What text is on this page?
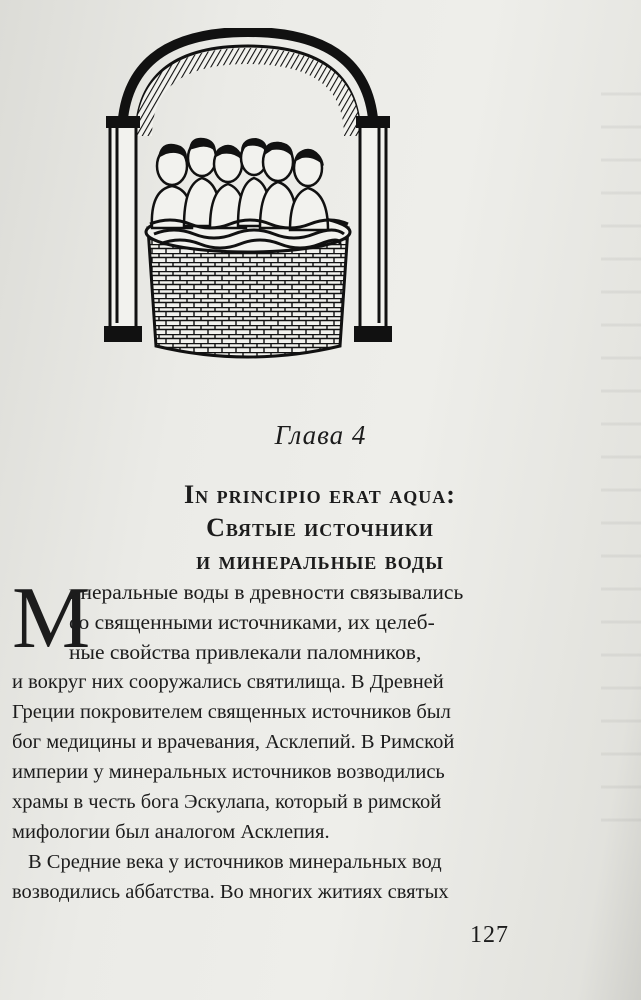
Глава 4
In principio erat aqua:
Святые источники
и минеральные воды
М
инеральные воды в древности связывались
со священными источниками, их целеб-
ные свойства привлекали паломников,
и вокруг них сооружались святилища. В Древней
Греции покровителем священных источников был
бог медицины и врачевания, Асклепий. В Римской
империи у минеральных источников возводились
храмы в честь бога Эскулапа, который в римской
мифологии был аналогом Асклепия.
В Средние века у источников минеральных вод
возводились аббатства. Во многих житиях святых
127
